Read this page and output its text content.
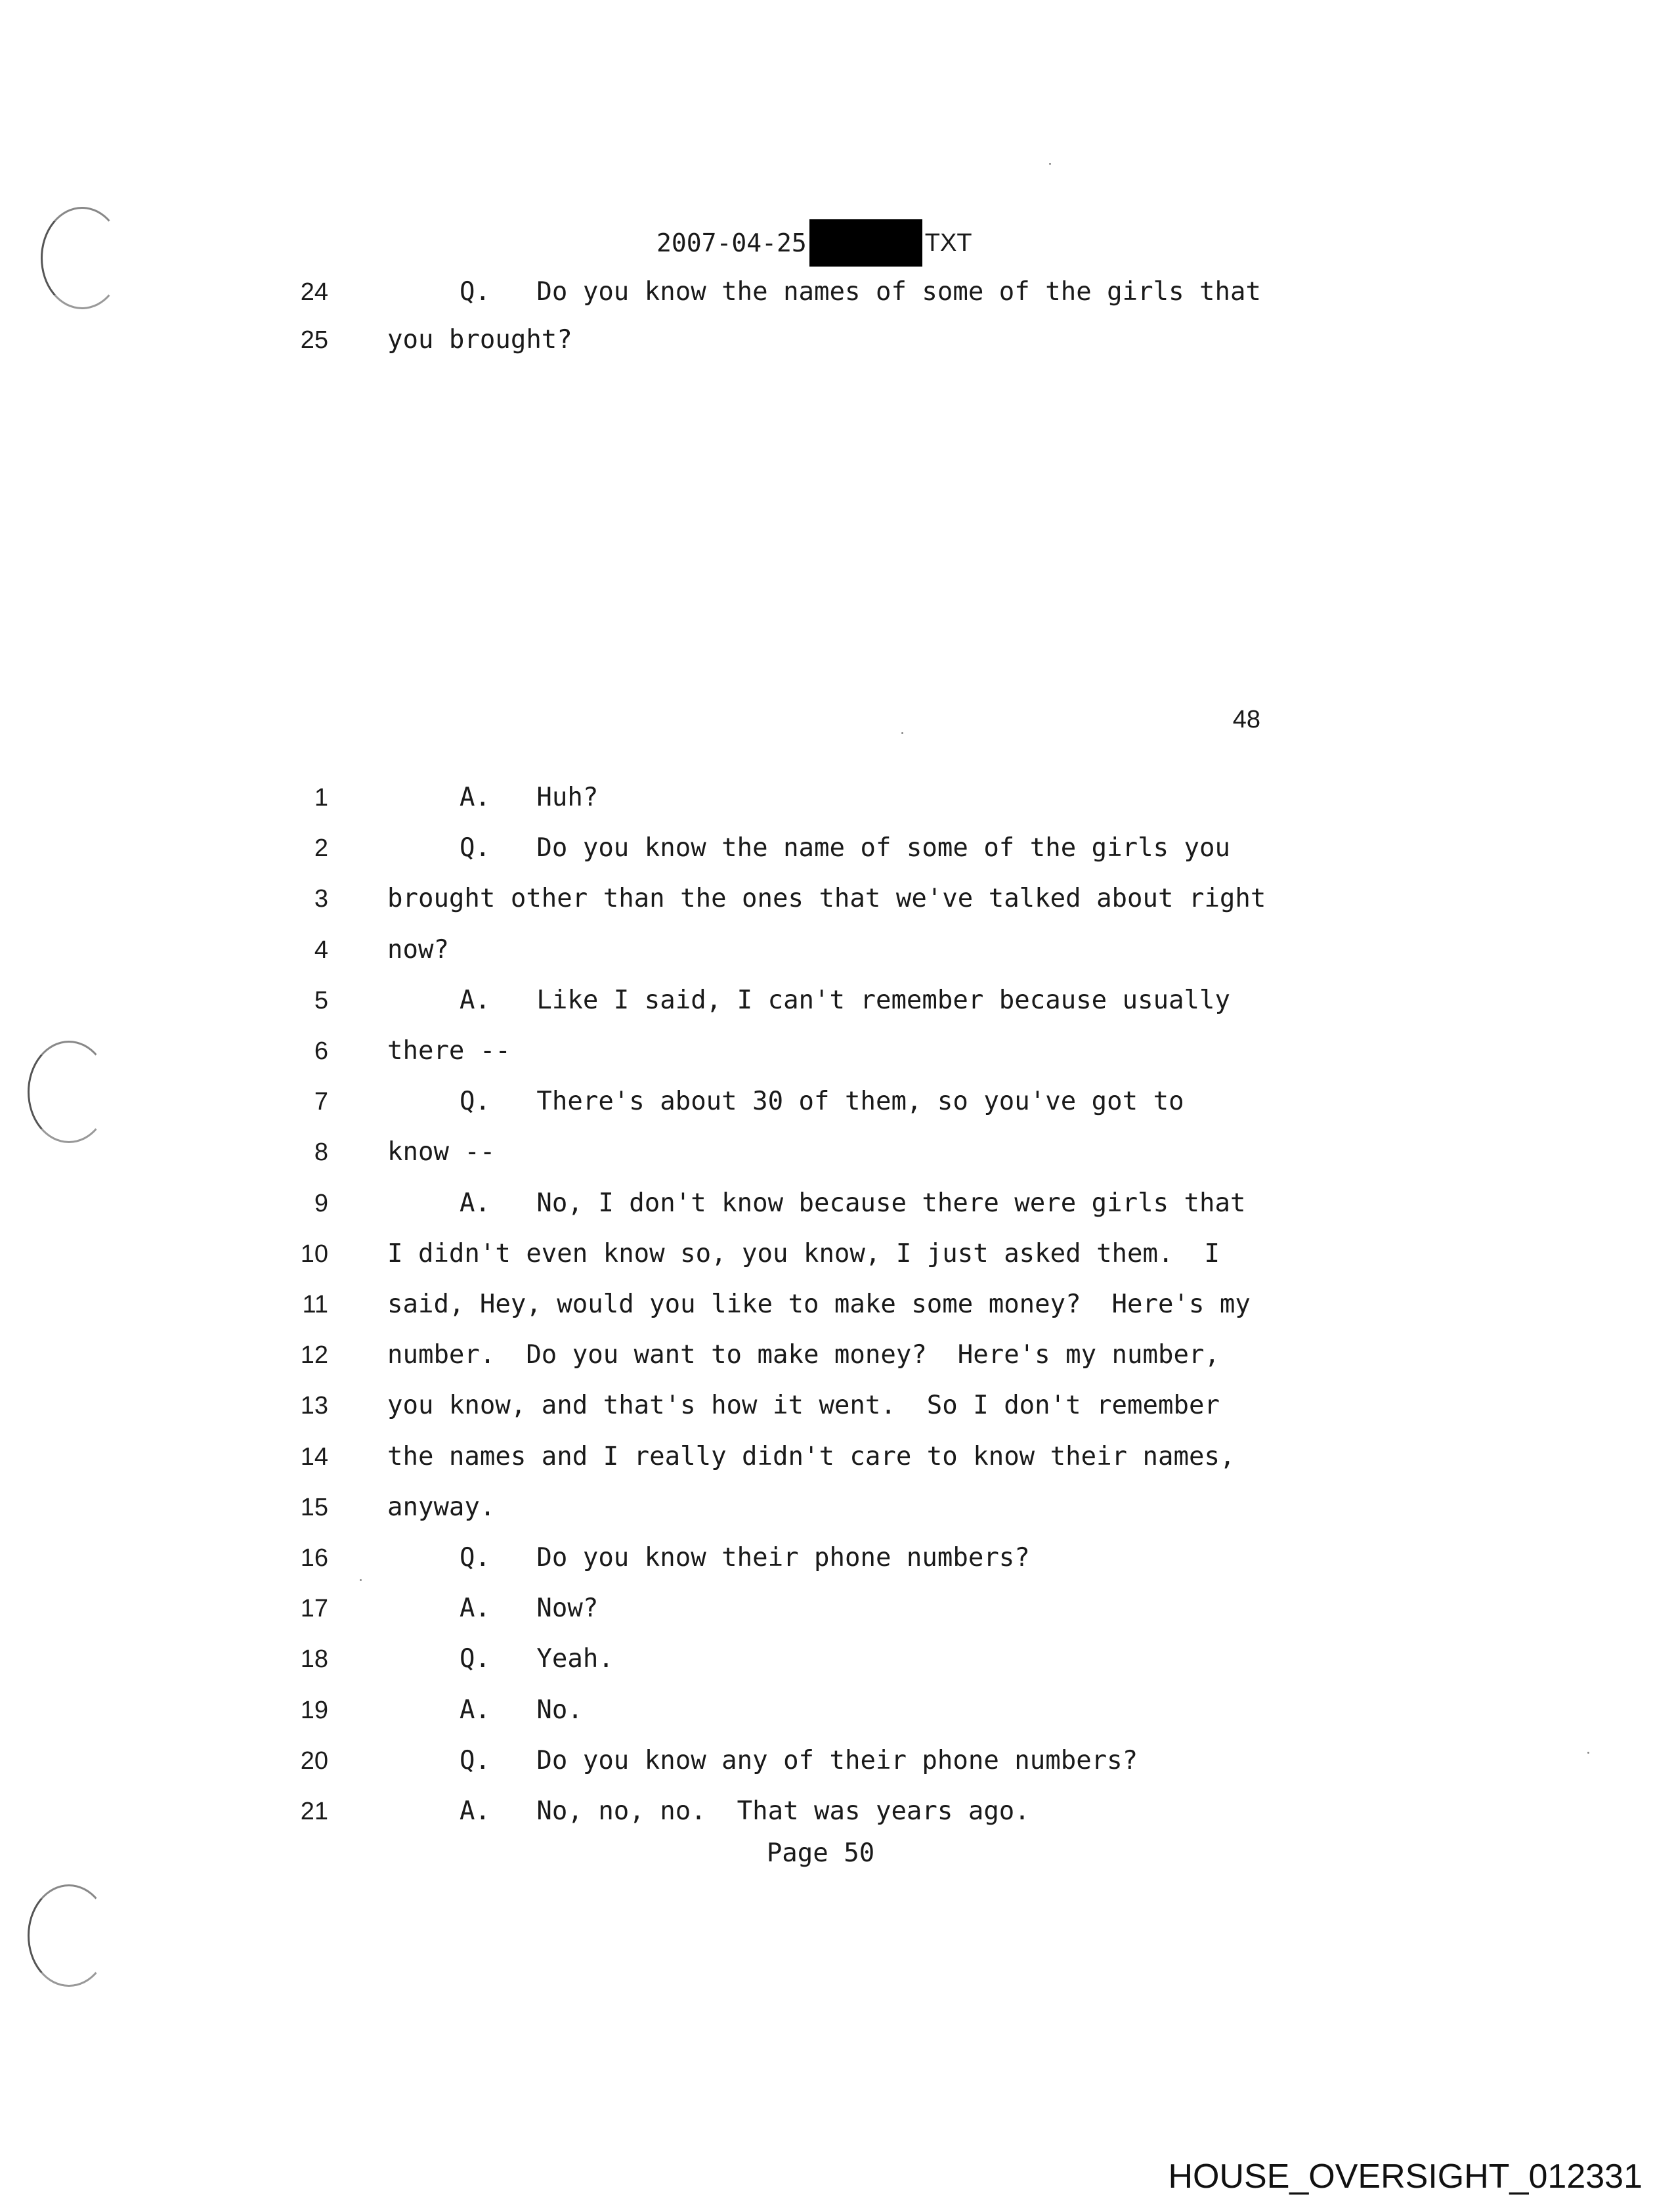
2007-04-25	TXT
24	Q.   Do you know the names of some of the girls that
25 you brought?
48
1	A.   Huh?
2	Q.   Do you know the name of some of the girls you
3 brought other than the ones that we've talked about right
4 now?
5	A.   Like I said, I can't remember because usually
6 there --
7	Q.   There's about 30 of them, so you've got to
8 know --
9	A.   No, I don't know because there were girls that
10 I didn't even know so, you know, I just asked them.  I
11 said, Hey, would you like to make some money?  Here's my
12 number.  Do you want to make money?  Here's my number,
13 you know, and that's how it went.  So I don't remember
14 the names and I really didn't care to know their names,
15 anyway.
16	Q.   Do you know their phone numbers?
17	A.   Now?
18	Q.   Yeah.
19	A.   No.
20	Q.   Do you know any of their phone numbers?
21	A.   No, no, no.  That was years ago.
Page 50
HOUSE_OVERSIGHT_012331
